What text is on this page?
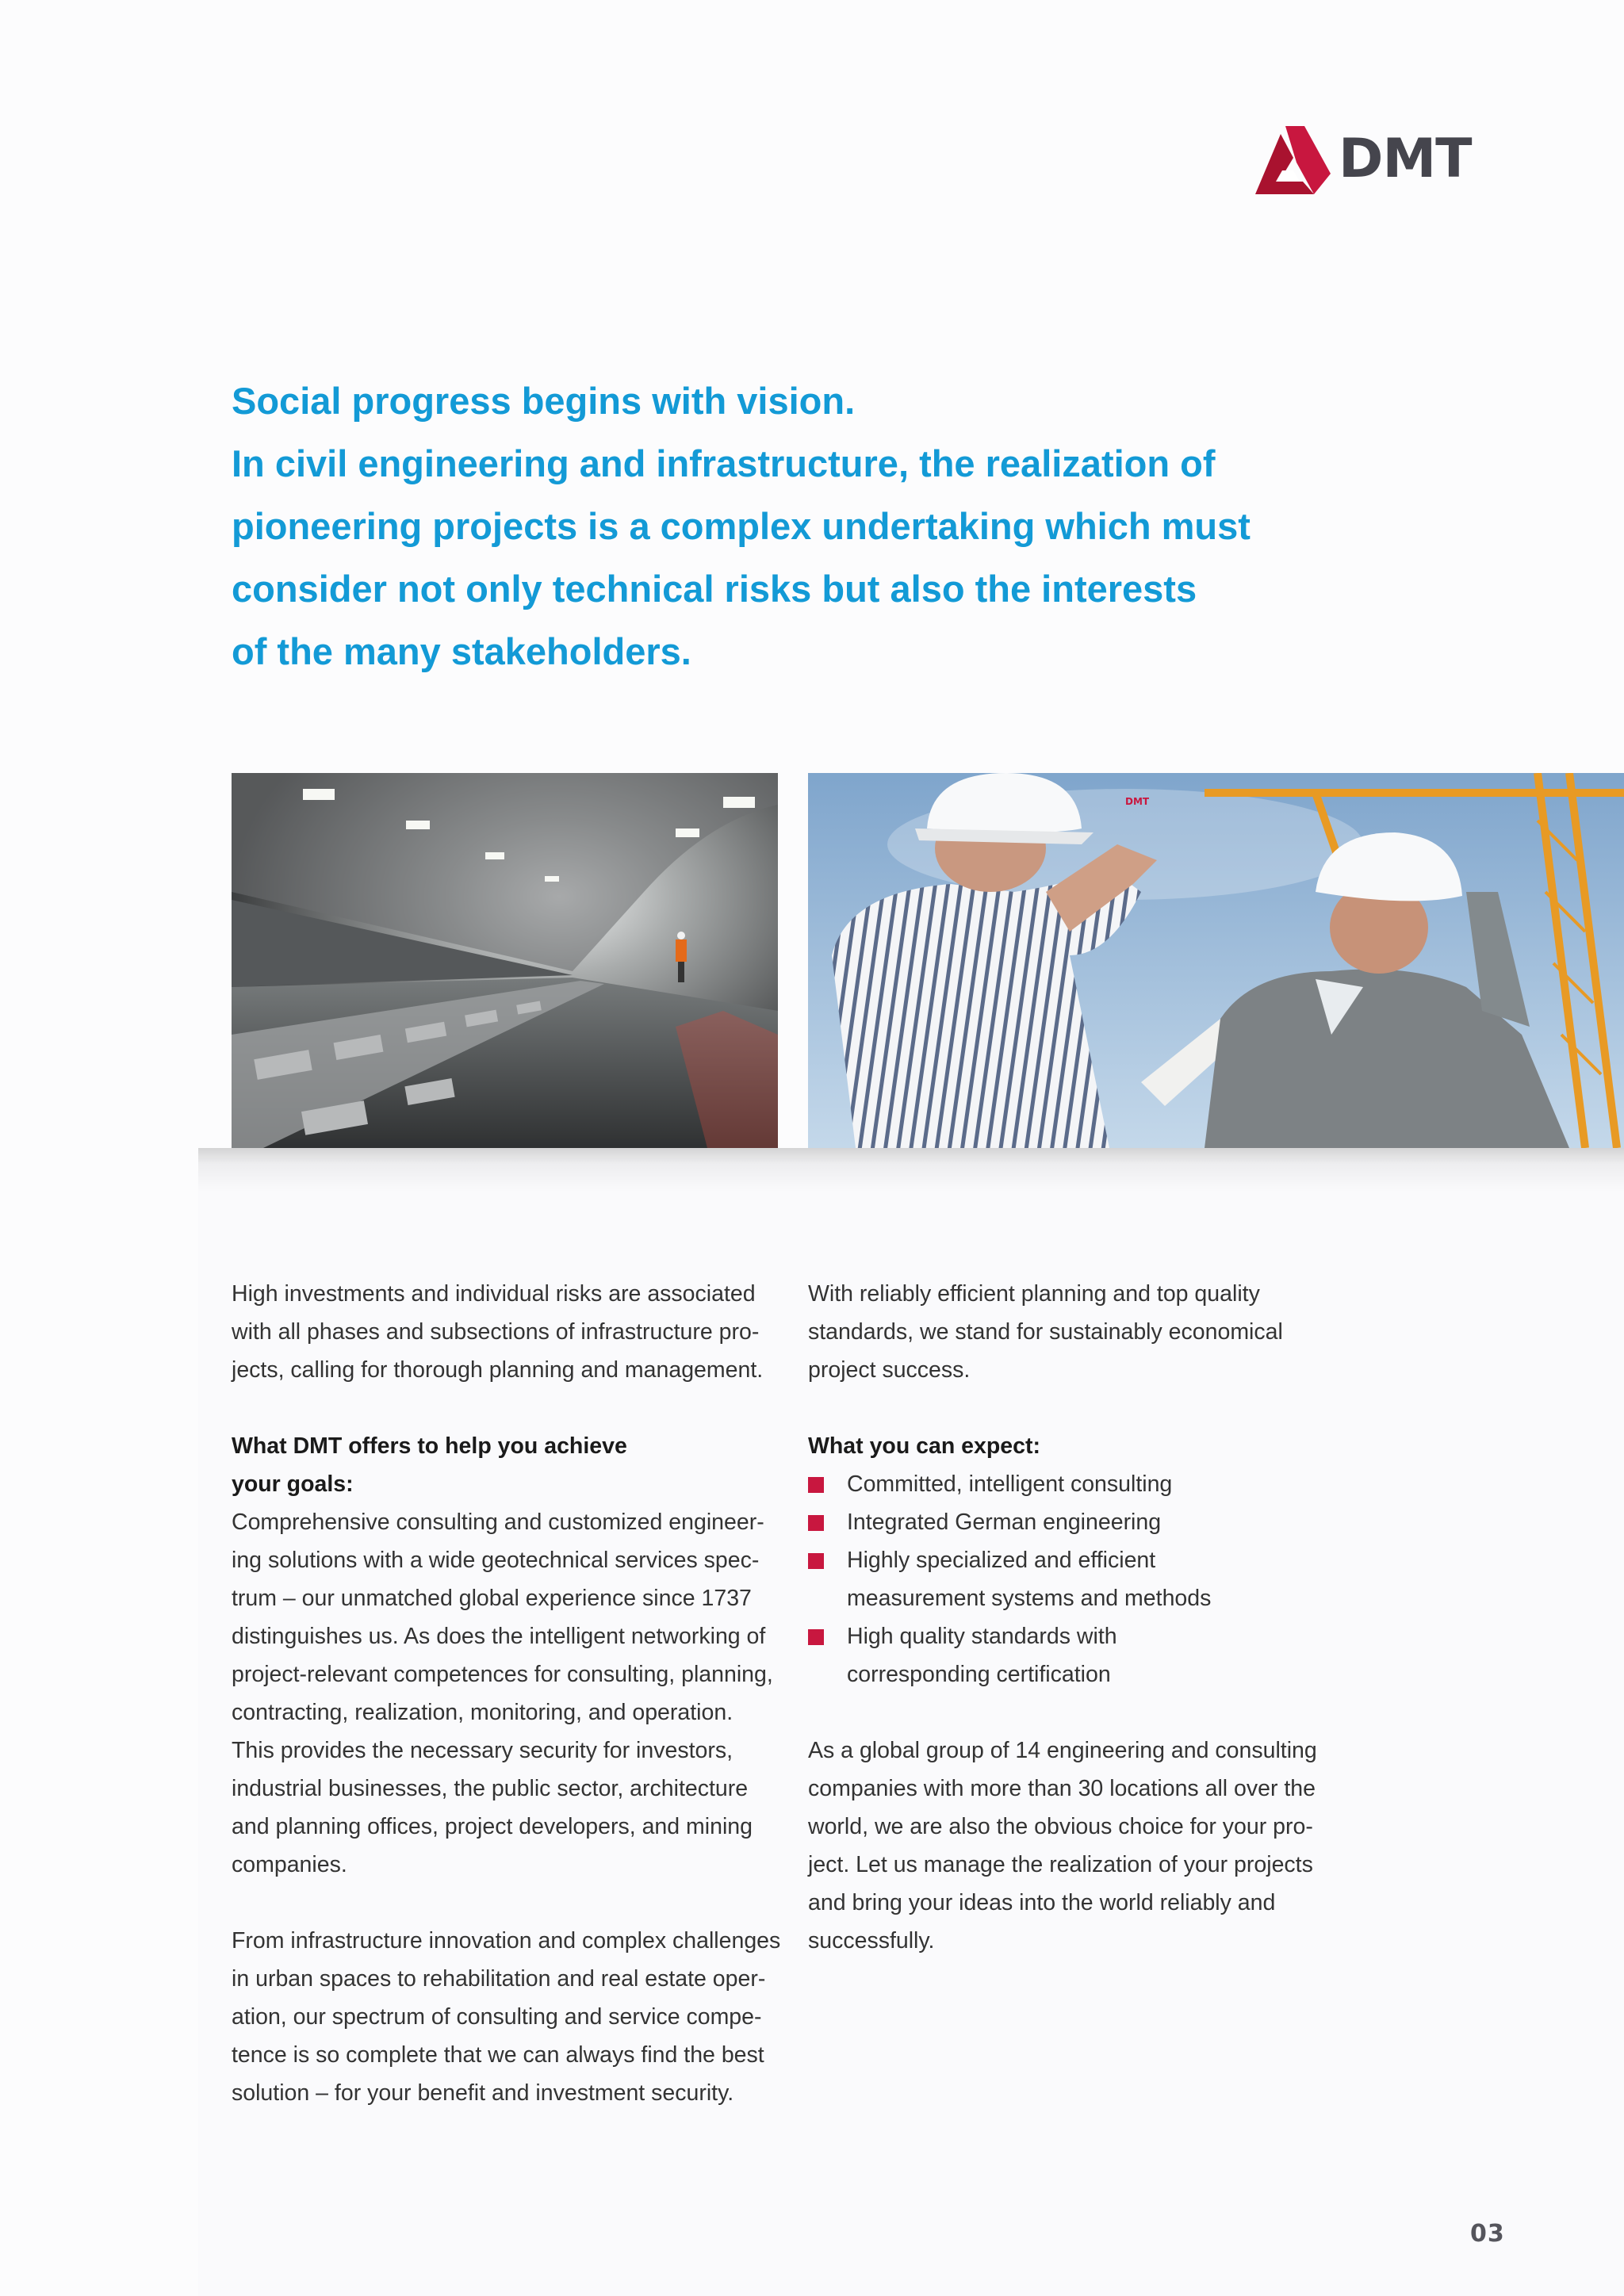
DMT
Social progress begins with vision.
In civil engineering and infrastructure, the realization of
pioneering projects is a complex undertaking which must
consider not only technical risks but also the interests
of the many stakeholders.
DMT

High investments and individual risks are associated
with all phases and subsections of infrastructure pro-
jects, calling for thorough planning and management.

What DMT offers to help you achieve
your goals:

Comprehensive consulting and customized engineer-
ing solutions with a wide geotechnical services spec-
trum – our unmatched global experience since 1737
distinguishes us. As does the intelligent networking of
project-relevant competences for consulting, planning,
contracting, realization, monitoring, and operation.
This provides the necessary security for investors,
industrial businesses, the public sector, architecture
and planning offices, project developers, and mining
companies.

From infrastructure innovation and complex challenges
in urban spaces to rehabilitation and real estate oper-
ation, our spectrum of consulting and service compe-
tence is so complete that we can always find the best
solution – for your benefit and investment security.

With reliably efficient planning and top quality
standards, we stand for sustainably economical
project success.

What you can expect:

Committed, intelligent consulting
Integrated German engineering
Highly specialized and efficient
measurement systems and methods
High quality standards with
corresponding certification

As a global group of 14 engineering and consulting
companies with more than 30 locations all over the
world, we are also the obvious choice for your pro-
ject. Let us manage the realization of your projects
and bring your ideas into the world reliably and
successfully.

03
